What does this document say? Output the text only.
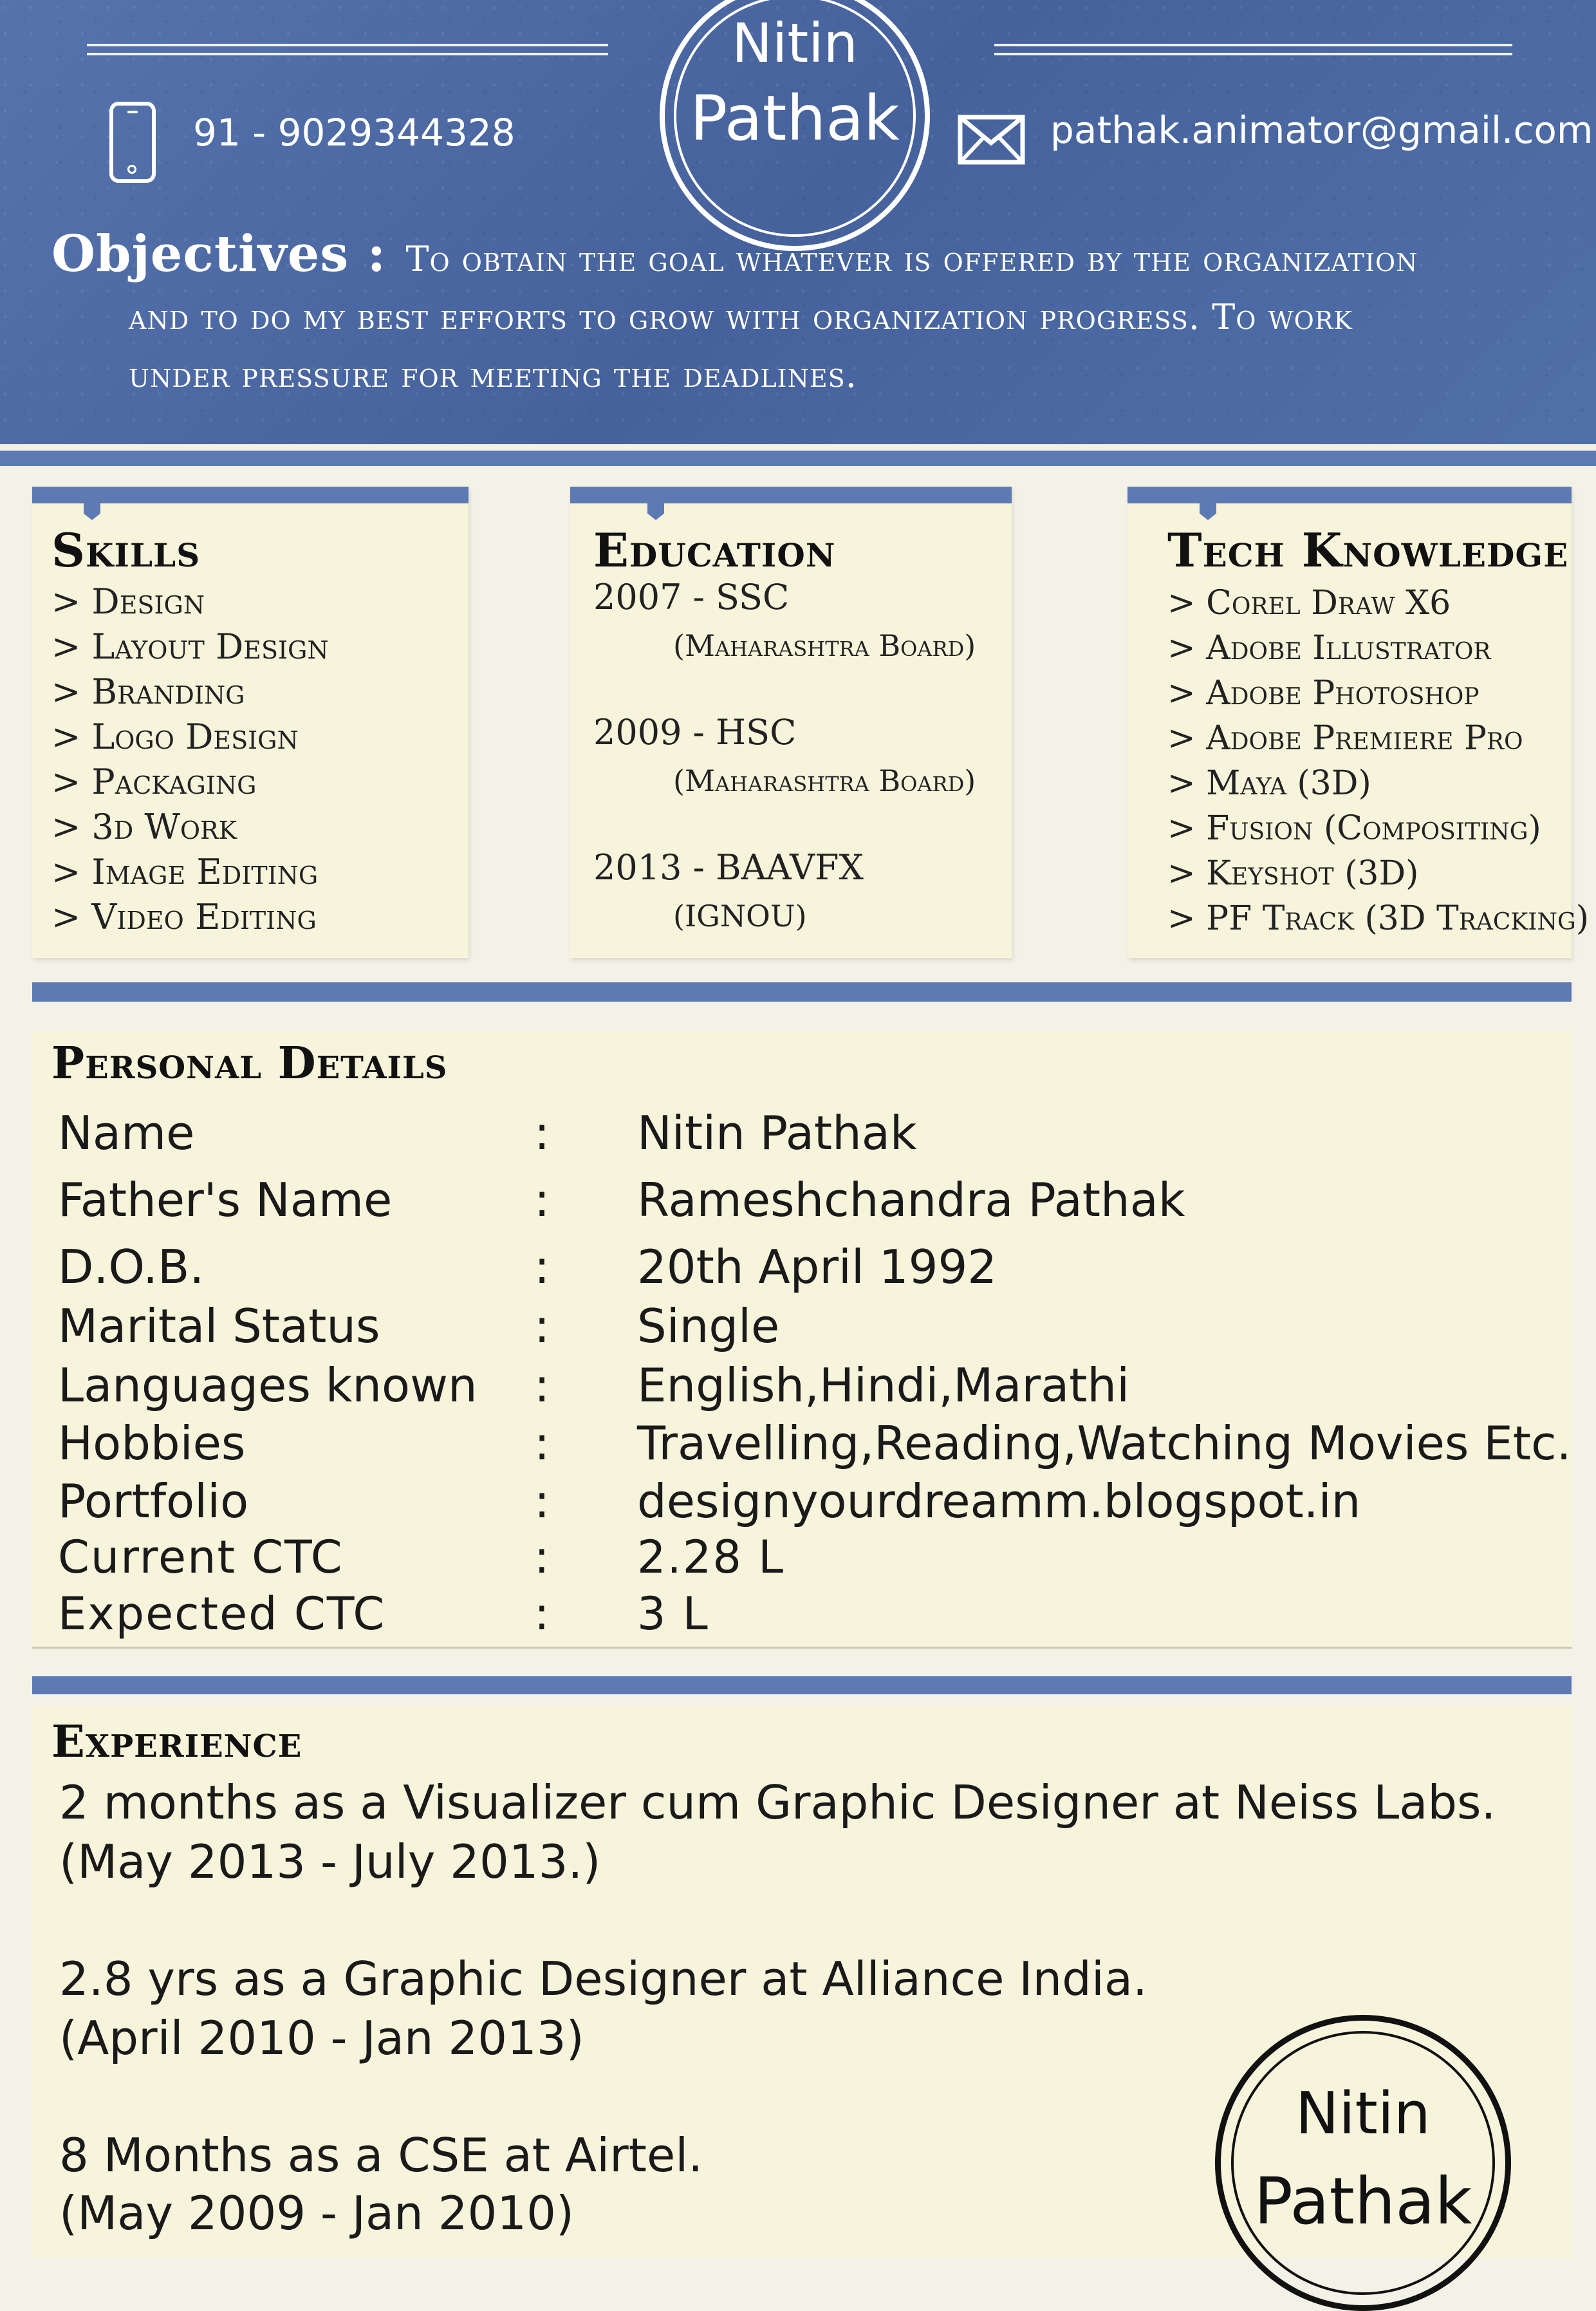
Nitin
Pathak
91 - 9029344328	pathak.animator@gmail.com
Objectives : To obtain the goal whatever is offered by the organization
and to do my best efforts to grow with organization progress. To work
under pressure for meeting the deadlines.
Skills
> Design
> Layout Design
> Branding
> Logo Design
> Packaging
> 3d Work
> Image Editing
> Video Editing
Education
2007 - SSC
(Maharashtra Board)
2009 - HSC
(Maharashtra Board)
2013 - BAAVFX
(IGNOU)
Tech Knowledge
> Corel Draw X6
> Adobe Illustrator
> Adobe Photoshop
> Adobe Premiere Pro
> Maya (3D)
> Fusion (Compositing)
> Keyshot (3D)
> PF Track (3D Tracking)
Personal Details
Name	: Nitin Pathak
Father's Name	: Rameshchandra Pathak
D.O.B.	: 20th April 1992
Marital Status	: Single
Languages known : English,Hindi,Marathi
Hobbies	: Travelling,Reading,Watching Movies Etc.
Portfolio	: designyourdreamm.blogspot.in
Current CTC	: 2.28 L
Expected CTC	: 3 L
Experience
2 months as a Visualizer cum Graphic Designer at Neiss Labs.
(May 2013 - July 2013.)
2.8 yrs as a Graphic Designer at Alliance India.
(April 2010 - Jan 2013)
8 Months as a CSE at Airtel.
(May 2009 - Jan 2010)
Nitin
Pathak
